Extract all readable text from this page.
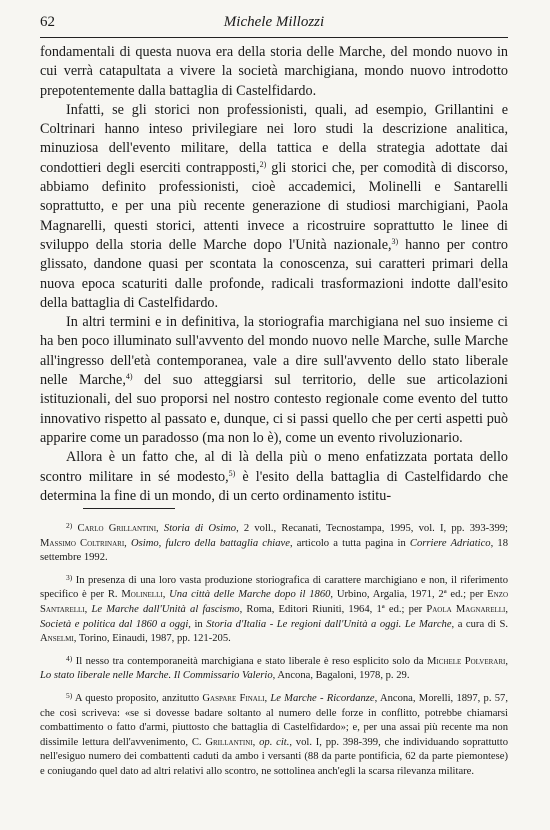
62	Michele Millozzi

fondamentali di questa nuova era della storia delle Marche, del mondo nuovo in cui verrà catapultata a vivere la società marchigiana, mondo nuovo introdotto prepotentemente dalla battaglia di Castelfidardo.

Infatti, se gli storici non professionisti, quali, ad esempio, Grillantini e Coltrinari hanno inteso privilegiare nei loro studi la descrizione analitica, minuziosa dell'evento militare, della tattica e della strategia adottate dai condottieri degli eserciti contrapposti,$^{2)}$ gli storici che, per comodità di discorso, abbiamo definito professionisti, cioè accademici, Molinelli e Santarelli soprattutto, e per una più recente generazione di studiosi marchigiani, Paola Magnarelli, questi storici, attenti invece a ricostruire soprattutto le linee di sviluppo della storia delle Marche dopo l'Unità nazionale,$^{3)}$ hanno per contro glissato, dandone quasi per scontata la conoscenza, sui caratteri primari della nuova epoca scaturiti dalle profonde, radicali trasformazioni indotte dall'esito della battaglia di Castelfidardo.

In altri termini e in definitiva, la storiografia marchigiana nel suo insieme ci ha ben poco illuminato sull'avvento del mondo nuovo nelle Marche, sulle Marche all'ingresso dell'età contemporanea, vale a dire sull'avvento dello stato liberale nelle Marche,$^{4)}$ del suo atteggiarsi sul territorio, delle sue articolazioni istituzionali, del suo proporsi nel nostro contesto regionale come evento del tutto innovativo rispetto al passato e, dunque, ci si passi quello che per certi aspetti può apparire come un paradosso (ma non lo è), come un evento rivoluzionario.

Allora è un fatto che, al di là della più o meno enfatizzata portata dello scontro militare in sé modesto,$^{5)}$ è l'esito della battaglia di Castelfidardo che determina la fine di un mondo, di un certo ordinamento istitu-

$^{2)}$ Carlo Grillantini, Storia di Osimo, 2 voll., Recanati, Tecnostampa, 1995, vol. I, pp. 393-399; Massimo Coltrinari, Osimo, fulcro della battaglia chiave, articolo a tutta pagina in Corriere Adriatico, 18 settembre 1992.

$^{3)}$ In presenza di una loro vasta produzione storiografica di carattere marchigiano e non, il riferimento specifico è per R. Molinelli, Una città delle Marche dopo il 1860, Urbino, Argalia, 1971, 2ª ed.; per Enzo Santarelli, Le Marche dall'Unità al fascismo, Roma, Editori Riuniti, 1964, 1ª ed.; per Paola Magnarelli, Società e politica dal 1860 a oggi, in Storia d'Italia - Le regioni dall'Unità a oggi. Le Marche, a cura di S. Anselmi, Torino, Einaudi, 1987, pp. 121-205.

$^{4)}$ Il nesso tra contemporaneità marchigiana e stato liberale è reso esplicito solo da Michele Polverari, Lo stato liberale nelle Marche. Il Commissario Valerio, Ancona, Bagaloni, 1978, p. 29.

$^{5)}$ A questo proposito, anzitutto Gaspare Finali, Le Marche - Ricordanze, Ancona, Morelli, 1897, p. 57, che così scriveva: «se si dovesse badare soltanto al numero delle forze in conflitto, potrebbe chiamarsi combattimento o fatto d'armi, piuttosto che battaglia di Castelfidardo»; e, per una assai più recente ma non dissimile lettura dell'avvenimento, C. Grillantini, op. cit., vol. I, pp. 398-399, che individuando soprattutto nell'esiguo numero dei combattenti caduti da ambo i versanti (88 da parte pontificia, 62 da parte piemontese) e coniugando quel dato ad altri relativi allo scontro, ne sottolinea anch'egli la scarsa rilevanza militare.
